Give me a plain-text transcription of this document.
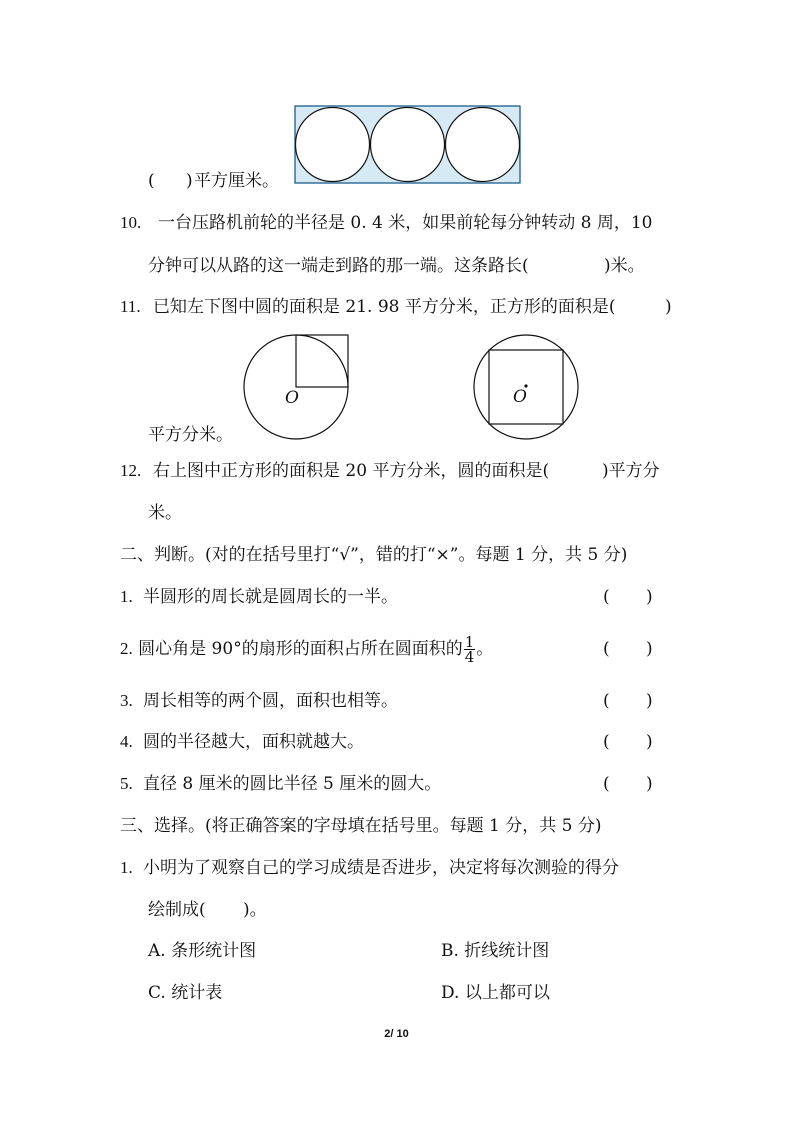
( ) 平方厘米。
10. 一台压路机前轮的半径是 0. 4 米，如果前轮每分钟转动 8 周，10
分钟可以从路的这一端走到路的那一端。这条路长(	)米。
11. 已知左下图中圆的面积是 21. 98 平方分米，正方形的面积是(	)
O	O
平方分米。
12. 右上图中正方形的面积是 20 平方分米，圆的面积是(	)平方分
米。
二、判断。(对的在括号里打“√”，错的打“×”。每题 1 分，共 5 分)
1. 半圆形的周长就是圆周长的一半。	( )
2. 圆心角是 90°的扇形的面积占所在圆面积的 $\frac{1}{4}$ 。	( )
3. 周长相等的两个圆，面积也相等。	( )
4. 圆的半径越大，面积就越大。	( )
5. 直径 8 厘米的圆比半径 5 厘米的圆大。	( )
三、选择。(将正确答案的字母填在括号里。每题 1 分，共 5 分)
1. 小明为了观察自己的学习成绩是否进步，决定将每次测验的得分
绘制成( )。
A. 条形统计图	B. 折线统计图
C. 统计表	D. 以上都可以
2/ 10
